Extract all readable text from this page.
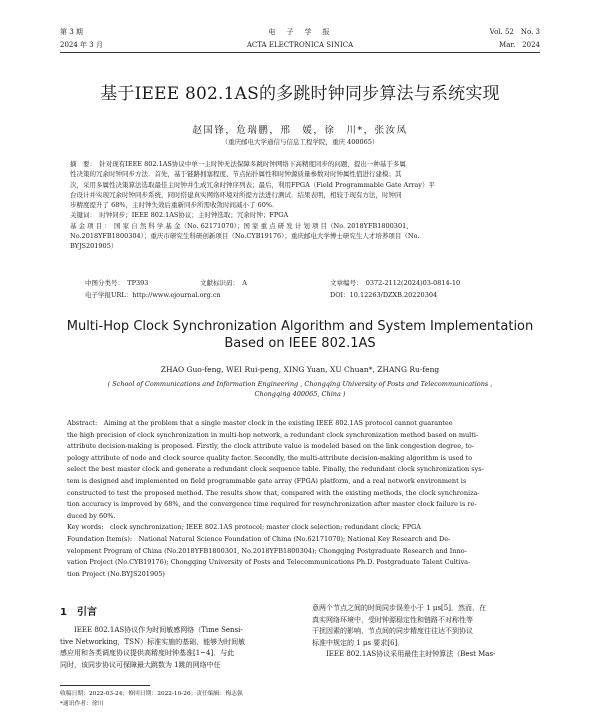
第 3 期
2024 年 3 月
电　子　学　报
ACTA ELECTRONICA SINICA
Vol. 52　No. 3
Mar.　2024
基于IEEE 802.1AS的多跳时钟同步算法与系统实现
赵国锋，危瑞鹏，邢　媛，徐　川*，张汝凤
（重庆邮电大学通信与信息工程学院，重庆 400065）
摘　要：　针对现有IEEE 802.1AS协议中单一主时钟无法保障多跳时钟网络下高精度同步的问题，提出一种基于多属
性决策的冗余时钟同步方法．首先，基于链路拥塞程度、节点拓扑属性和时钟源质量参数对时钟属性值进行建模；其
次，采用多属性决策算法选取最佳主时钟并生成冗余时钟序列表；最后，利用FPGA（Field Programmable Gate Array）平
台设计并实现冗余时钟同步系统，同时搭建真实网络环境对所提方法进行测试．结果表明，相较于现有方法，时钟同
步精度提升了 68%，主时钟失效后重新同步所需收敛时间减小了 60%．
关键词：　时钟同步；IEEE 802.1AS协议；主时钟选取；冗余时钟；FPGA
基 金 项 目 ：　国 家 自 然 科 学 基 金（No. 62171070）；国 家 重 点 研 发 计 划 项 目（No. 2018YFB1800301，
No.2018YFB1800304）；重庆市研究生科研创新项目（No.CYB19176）；重庆邮电大学博士研究生人才培养项目（No.
BYJS201905）
中图分类号：　TP393	文献标识码：　A	文章编号：　0372-2112(2024)03-0814-10
电子学报URL：http://www.ejournal.org.cn	DOI：10.12263/DZXB.20220304
Multi-Hop Clock Synchronization Algorithm and System Implementation Based on IEEE 802.1AS
ZHAO Guo-feng, WEI Rui-peng, XING Yuan, XU Chuan*, ZHANG Ru-feng
( School of Communications and Information Engineering , Chongqing University of Posts and Telecommunications , Chongqing 400065, China )
Abstract:　Aiming at the problem that a single master clock in the existing IEEE 802.1AS protocol cannot guarantee
the high precision of clock synchronization in multi-hop network, a redundant clock synchronization method based on multi-
attribute decision-making is proposed. Firstly, the clock attribute value is modeled based on the link congestion degree, to-
pology attribute of node and clock source quality factor. Secondly, the multi-attribute decision-making algorithm is used to
select the best master clock and generate a redundant clock sequence table. Finally, the redundant clock synchronization sys-
tem is designed and implemented on field programmable gate array (FPGA) platform, and a real network environment is
constructed to test the proposed method. The results show that, compared with the existing methods, the clock synchroniza-
tion accuracy is improved by 68%, and the convergence time required for resynchronization after master clock failure is re-
duced by 60%.
Key words:　clock synchronization; IEEE 802.1AS protocol; master clock selection; redundant clock; FPGA
Foundation Item(s):　National Natural Science Foundation of China (No.62171070); National Key Research and De-
velopment Program of China (No.2018YFB1800301, No.2018YFB1800304); Chongqing Postgraduate Research and Inno-
vation Project (No.CYB19176); Chongqing University of Posts and Telecommunications Ph.D. Postgraduate Talent Cultiva-
tion Project (No.BYJS201905)
1　引言
IEEE 802.1AS协议作为时间敏感网络（Time Sensi-
tive Networking，TSN）标准实施的基础，能够为时间敏
感应用和各类调度协议提供高精度时钟基准[1~4]．与此
同时，该同步协议可保障最大跳数为 1跳的网络中任
意两个节点之间的时间同步误差小于 1 μs[5]．然而，在
真实网络环境中，受时钟源稳定性和链路不对称性等
干扰因素的影响，节点间的同步精度往往达不到协议
标准中规定的 1 μs 要求[6]．
IEEE 802.1AS协议采用最佳主时钟算法（Best Mas-
收稿日期：2022-03-24；修回日期：2022-10-26；责任编辑：梅志强
*通讯作者：徐川
